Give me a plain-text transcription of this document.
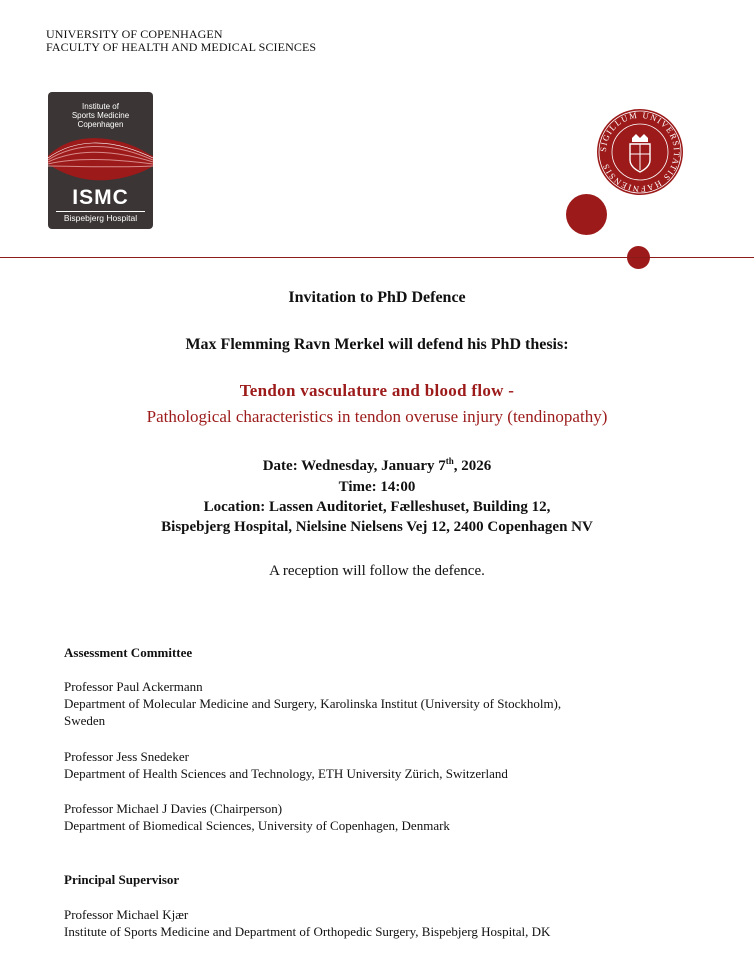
UNIVERSITY OF COPENHAGEN
FACULTY OF HEALTH AND MEDICAL SCIENCES
Institute of
Sports Medicine
Copenhagen
ISMC
Bispebjerg Hospital
SIGILLUM UNIVERSITATIS HAFNIENSIS
Invitation to PhD Defence
Max Flemming Ravn Merkel will defend his PhD thesis:
Tendon vasculature and blood flow -
Pathological characteristics in tendon overuse injury (tendinopathy)
Date: Wednesday, January 7th, 2026
Time: 14:00
Location: Lassen Auditoriet, Fælleshuset, Building 12,
Bispebjerg Hospital, Nielsine Nielsens Vej 12, 2400 Copenhagen NV
A reception will follow the defence.
Assessment Committee
Professor Paul Ackermann
Department of Molecular Medicine and Surgery, Karolinska Institut (University of Stockholm),
Sweden
Professor Jess Snedeker
Department of Health Sciences and Technology, ETH University Zürich, Switzerland
Professor Michael J Davies (Chairperson)
Department of Biomedical Sciences, University of Copenhagen, Denmark
Principal Supervisor
Professor Michael Kjær
Institute of Sports Medicine and Department of Orthopedic Surgery, Bispebjerg Hospital, DK
